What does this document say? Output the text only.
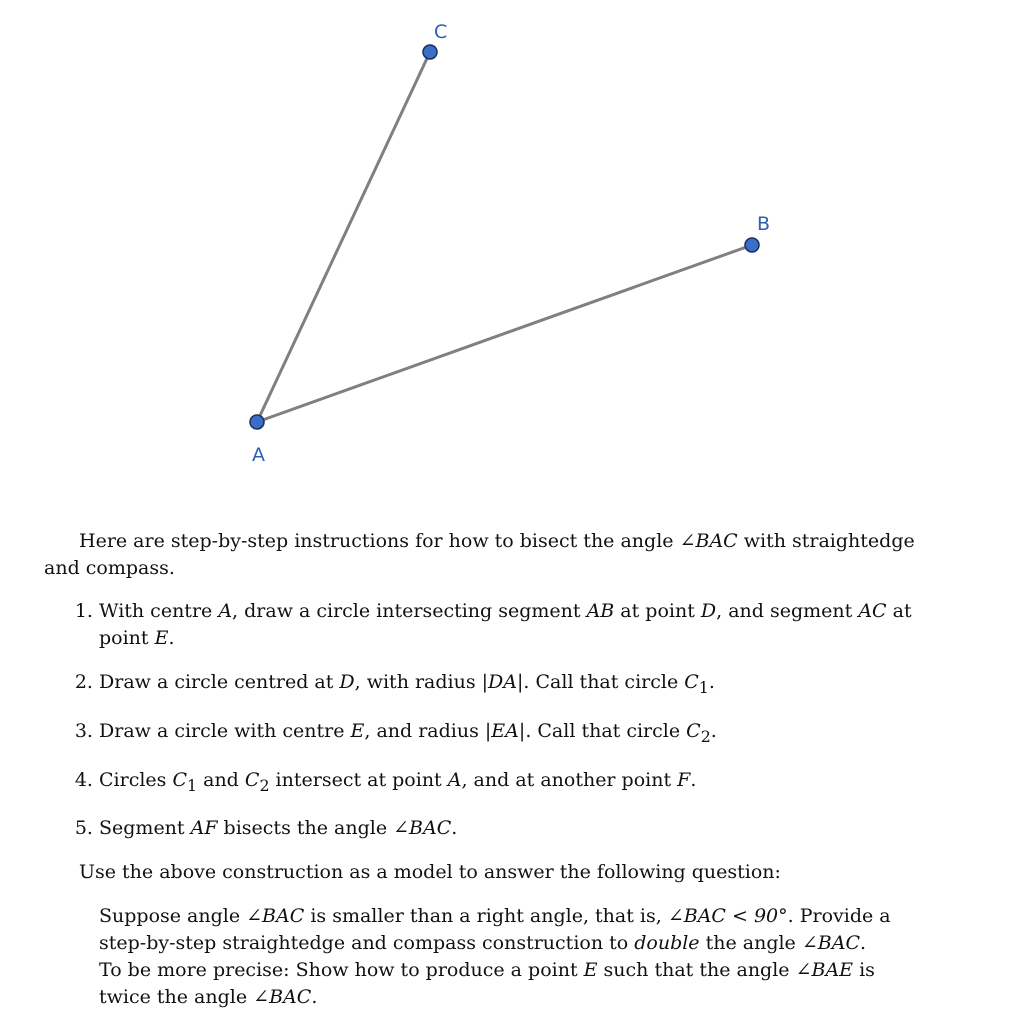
A
B
C

Here are step-by-step instructions for how to bisect the angle ∠BAC with straightedge and compass.

1. With centre A, draw a circle intersecting segment AB at point D, and segment AC at point E.
2. Draw a circle centred at D, with radius |DA|. Call that circle $C_1$.
3. Draw a circle with centre E, and radius |EA|. Call that circle $C_2$.
4. Circles $C_1$ and $C_2$ intersect at point A, and at another point F.
5. Segment AF bisects the angle ∠BAC.

Use the above construction as a model to answer the following question:

Suppose angle ∠BAC is smaller than a right angle, that is, ∠BAC < 90°. Provide a step-by-step straightedge and compass construction to double the angle ∠BAC. To be more precise: Show how to produce a point E such that the angle ∠BAE is twice the angle ∠BAC.
